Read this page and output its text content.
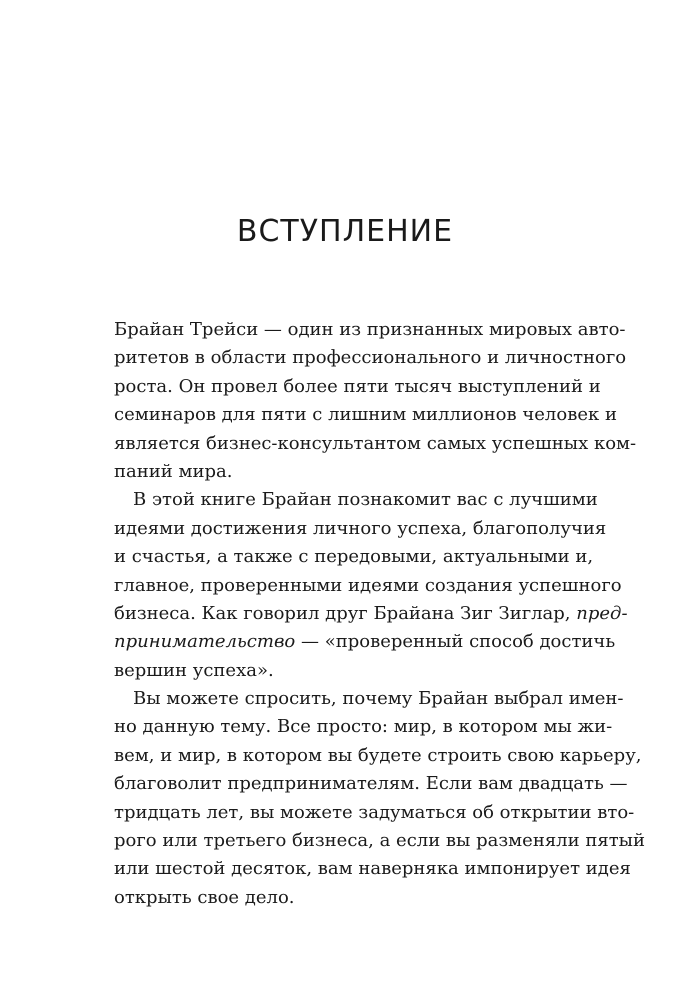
ВСТУПЛЕНИЕ
Брайан Трейси — один из признанных мировых авто-
ритетов в области профессионального и личностного
роста. Он провел более пяти тысяч выступлений и
семинаров для пяти с лишним миллионов человек и
является бизнес-консультантом самых успешных ком-
паний мира.
В этой книге Брайан познакомит вас с лучшими
идеями достижения личного успеха, благополучия
и счастья, а также с передовыми, актуальными и,
главное, проверенными идеями создания успешного
бизнеса. Как говорил друг Брайана Зиг Зиглар, пред-
принимательство — «проверенный способ достичь
вершин успеха».
Вы можете спросить, почему Брайан выбрал имен-
но данную тему. Все просто: мир, в котором мы жи-
вем, и мир, в котором вы будете строить свою карьеру,
благоволит предпринимателям. Если вам двадцать —
тридцать лет, вы можете задуматься об открытии вто-
рого или третьего бизнеса, а если вы разменяли пятый
или шестой десяток, вам наверняка импонирует идея
открыть свое дело.
